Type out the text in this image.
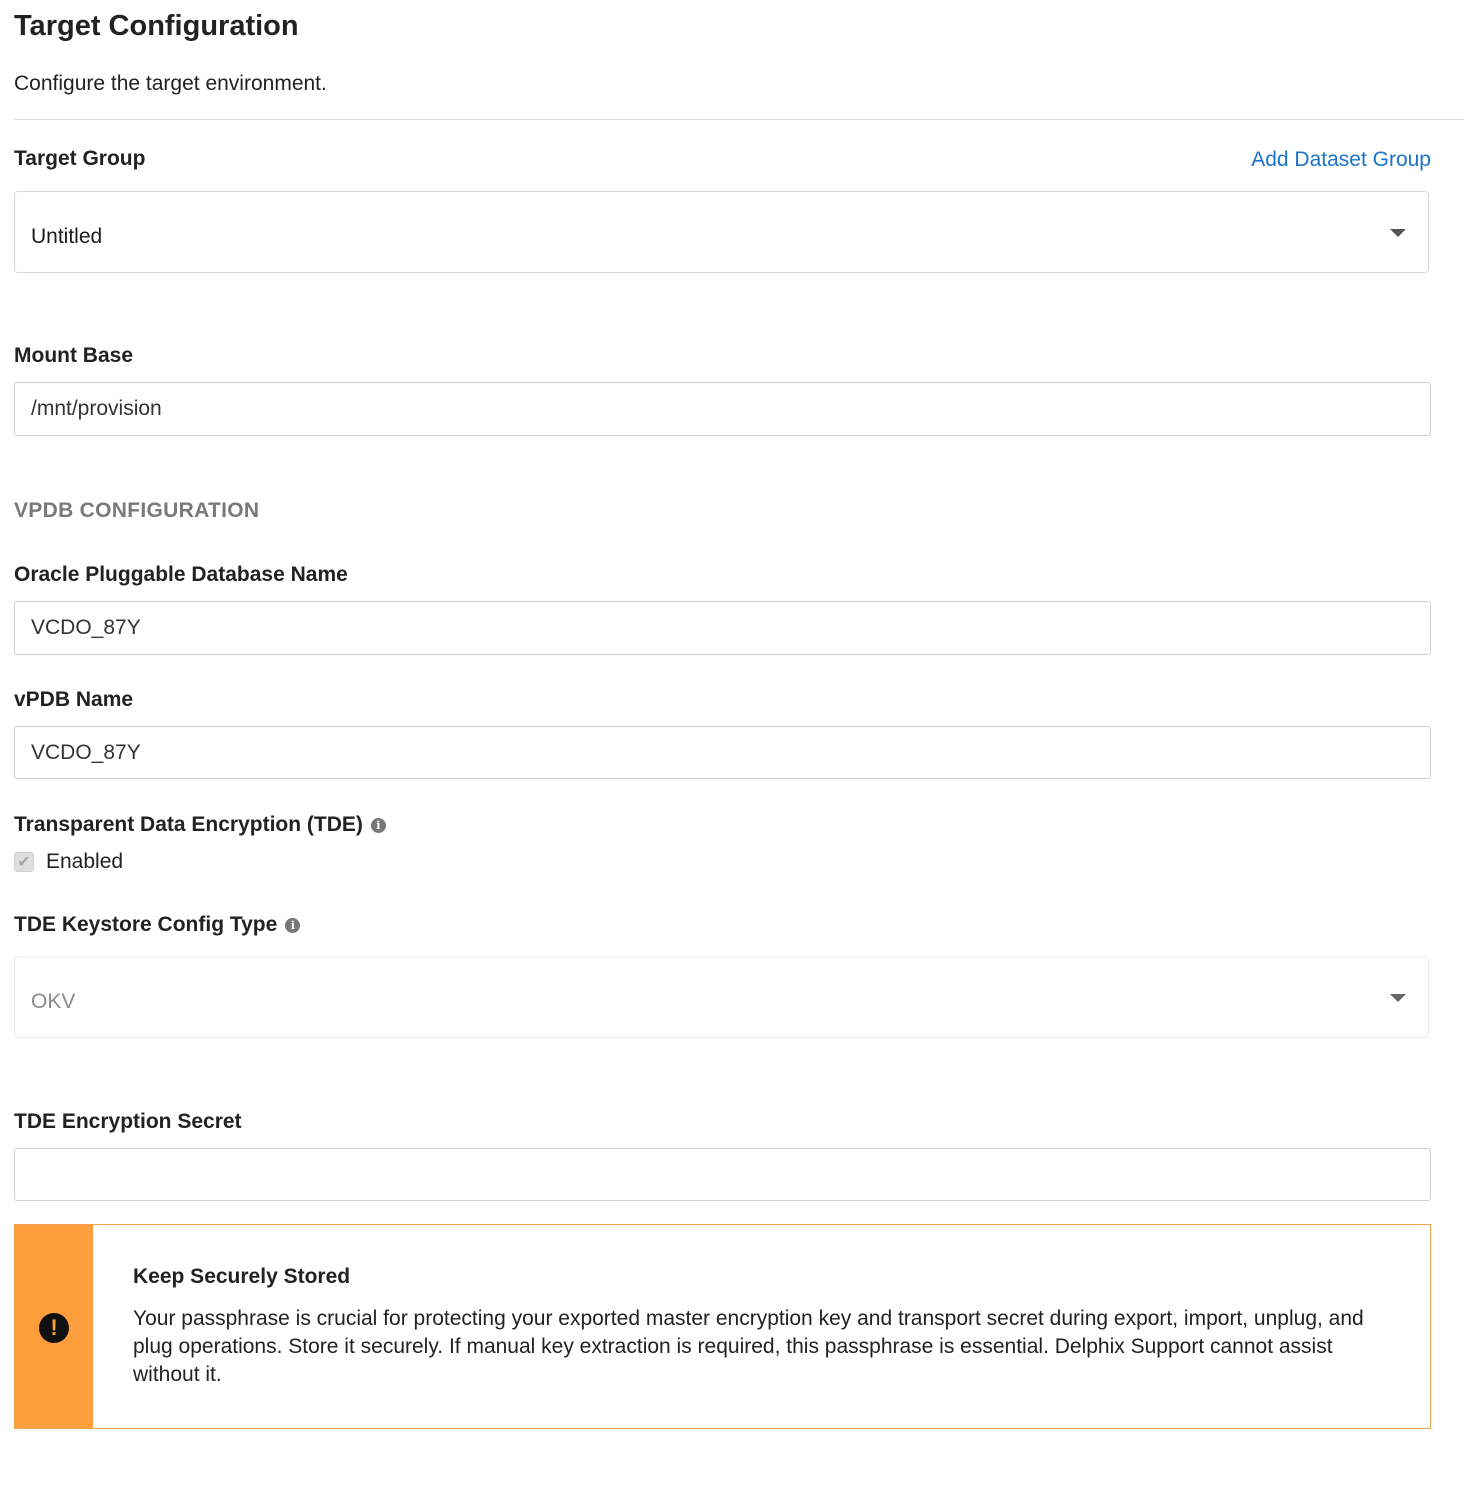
Target Configuration
Configure the target environment.
Target Group	Add Dataset Group
Untitled
Mount Base
/mnt/provision
VPDB CONFIGURATION
Oracle Pluggable Database Name
VCDO_87Y
vPDB Name
VCDO_87Y
Transparent Data Encryption (TDE)	i
✔ Enabled
TDE Keystore Config Type	i
OKV
TDE Encryption Secret
!
Keep Securely Stored
Your passphrase is crucial for protecting your exported master encryption key and transport secret during export, import, unplug, and plug operations. Store it securely. If manual key extraction is required, this passphrase is essential. Delphix Support cannot assist without it.
